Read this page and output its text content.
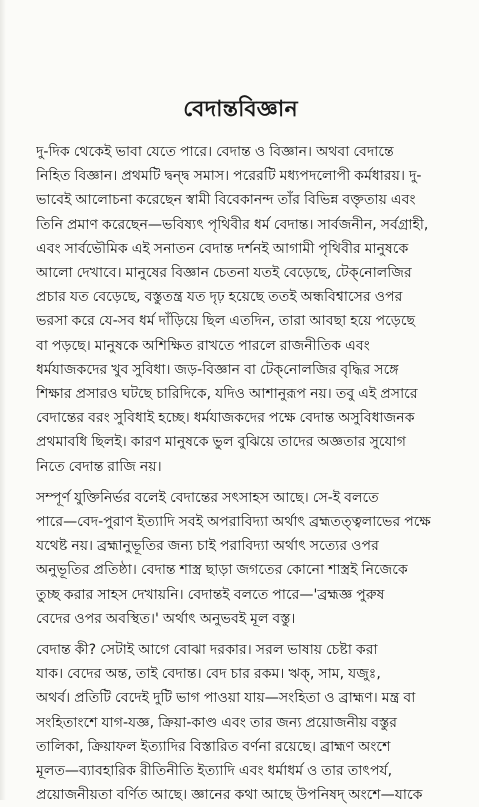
বেদান্তবিজ্ঞান

দু-দিক থেকেই ভাবা যেতে পারে। বেদান্ত ও বিজ্ঞান। অথবা বেদান্তে
নিহিত বিজ্ঞান। প্রথমটি দ্বন্দ্ব সমাস। পরেরটি মধ্যপদলোপী কর্মধারয়। দু-
ভাবেই আলোচনা করেছেন স্বামী বিবেকানন্দ তাঁর বিভিন্ন বক্তৃতায় এবং
তিনি প্রমাণ করেছেন—ভবিষ্যৎ পৃথিবীর ধর্ম বেদান্ত। সার্বজনীন, সর্বগ্রাহী,
এবং সার্বভৌমিক এই সনাতন বেদান্ত দর্শনই আগামী পৃথিবীর মানুষকে
আলো দেখাবে। মানুষের বিজ্ঞান চেতনা যতই বেড়েছে, টেক্‌নোলজির
প্রচার যত বেড়েছে, বস্তুতন্ত্র যত দৃঢ় হয়েছে ততই অন্ধবিশ্বাসের ওপর
ভরসা করে যে-সব ধর্ম দাঁড়িয়ে ছিল এতদিন, তারা আবছা হয়ে পড়েছে
বা পড়ছে। মানুষকে অশিক্ষিত রাখতে পারলে রাজনীতিক এবং
ধর্মযাজকদের খুব সুবিধা। জড়-বিজ্ঞান বা টেক্‌নোলজির বৃদ্ধির সঙ্গে
শিক্ষার প্রসারও ঘটছে চারিদিকে, যদিও আশানুরূপ নয়। তবু এই প্রসারে
বেদান্তের বরং সুবিধাই হচ্ছে। ধর্মযাজকদের পক্ষে বেদান্ত অসুবিধাজনক
প্রথমাবধি ছিলই। কারণ মানুষকে ভুল বুঝিয়ে তাদের অজ্ঞতার সুযোগ
নিতে বেদান্ত রাজি নয়।

সম্পূর্ণ যুক্তিনির্ভর বলেই বেদান্তের সৎসাহস আছে। সে-ই বলতে
পারে—বেদ-পুরাণ ইত্যাদি সবই অপরাবিদ্যা অর্থাৎ ব্রহ্মতত্ত্বলাভের পক্ষে
যথেষ্ট নয়। ব্রহ্মানুভূতির জন্য চাই পরাবিদ্যা অর্থাৎ সত্যের ওপর
অনুভূতির প্রতিষ্ঠা। বেদান্ত শাস্ত্র ছাড়া জগতের কোনো শাস্ত্রই নিজেকে
তুচ্ছ করার সাহস দেখায়নি। বেদান্তই বলতে পারে—'ব্রহ্মজ্ঞ পুরুষ
বেদের ওপর অবস্থিত।' অর্থাৎ অনুভবই মূল বস্তু।

বেদান্ত কী? সেটাই আগে বোঝা দরকার। সরল ভাষায় চেষ্টা করা
যাক। বেদের অন্ত, তাই বেদান্ত। বেদ চার রকম। ঋক্‌, সাম, যজুঃ,
অথর্ব। প্রতিটি বেদেই দুটি ভাগ পাওয়া যায়—সংহিতা ও ব্রাহ্মণ। মন্ত্র বা
সংহিতাংশে যাগ-যজ্ঞ, ক্রিয়া-কাণ্ড এবং তার জন্য প্রয়োজনীয় বস্তুর
তালিকা, ক্রিয়াফল ইত্যাদির বিস্তারিত বর্ণনা রয়েছে। ব্রাহ্মণ অংশে
মূলত—ব্যাবহারিক রীতিনীতি ইত্যাদি এবং ধর্মাধর্ম ও তার তাৎপর্য,
প্রয়োজনীয়তা বর্ণিত আছে। জ্ঞানের কথা আছে উপনিষদ্‌ অংশে—যাকে
